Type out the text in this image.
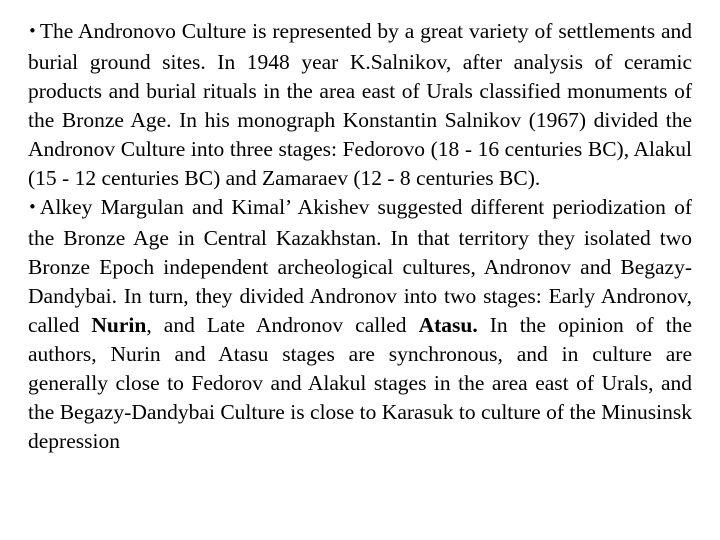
• The Andronovo Culture is represented by a great variety of settlements and burial ground sites. In 1948 year K.Salnikov, after analysis of ceramic products and burial rituals in the area east of Urals classified monuments of the Bronze Age. In his monograph Konstantin Salnikov (1967) divided the Andronov Culture into three stages: Fedorovo (18 - 16 centuries BC), Alakul (15 - 12 centuries BC) and Zamaraev (12 - 8 centuries BC).

• Alkey Margulan and Kimal’ Akishev suggested different periodization of the Bronze Age in Central Kazakhstan. In that territory they isolated two Bronze Epoch independent archeological cultures, Andronov and Begazy-Dandybai. In turn, they divided Andronov into two stages: Early Andronov, called Nurin, and Late Andronov called Atasu. In the opinion of the authors, Nurin and Atasu stages are synchronous, and in culture are generally close to Fedorov and Alakul stages in the area east of Urals, and the Begazy-Dandybai Culture is close to Karasuk to culture of the Minusinsk depression
